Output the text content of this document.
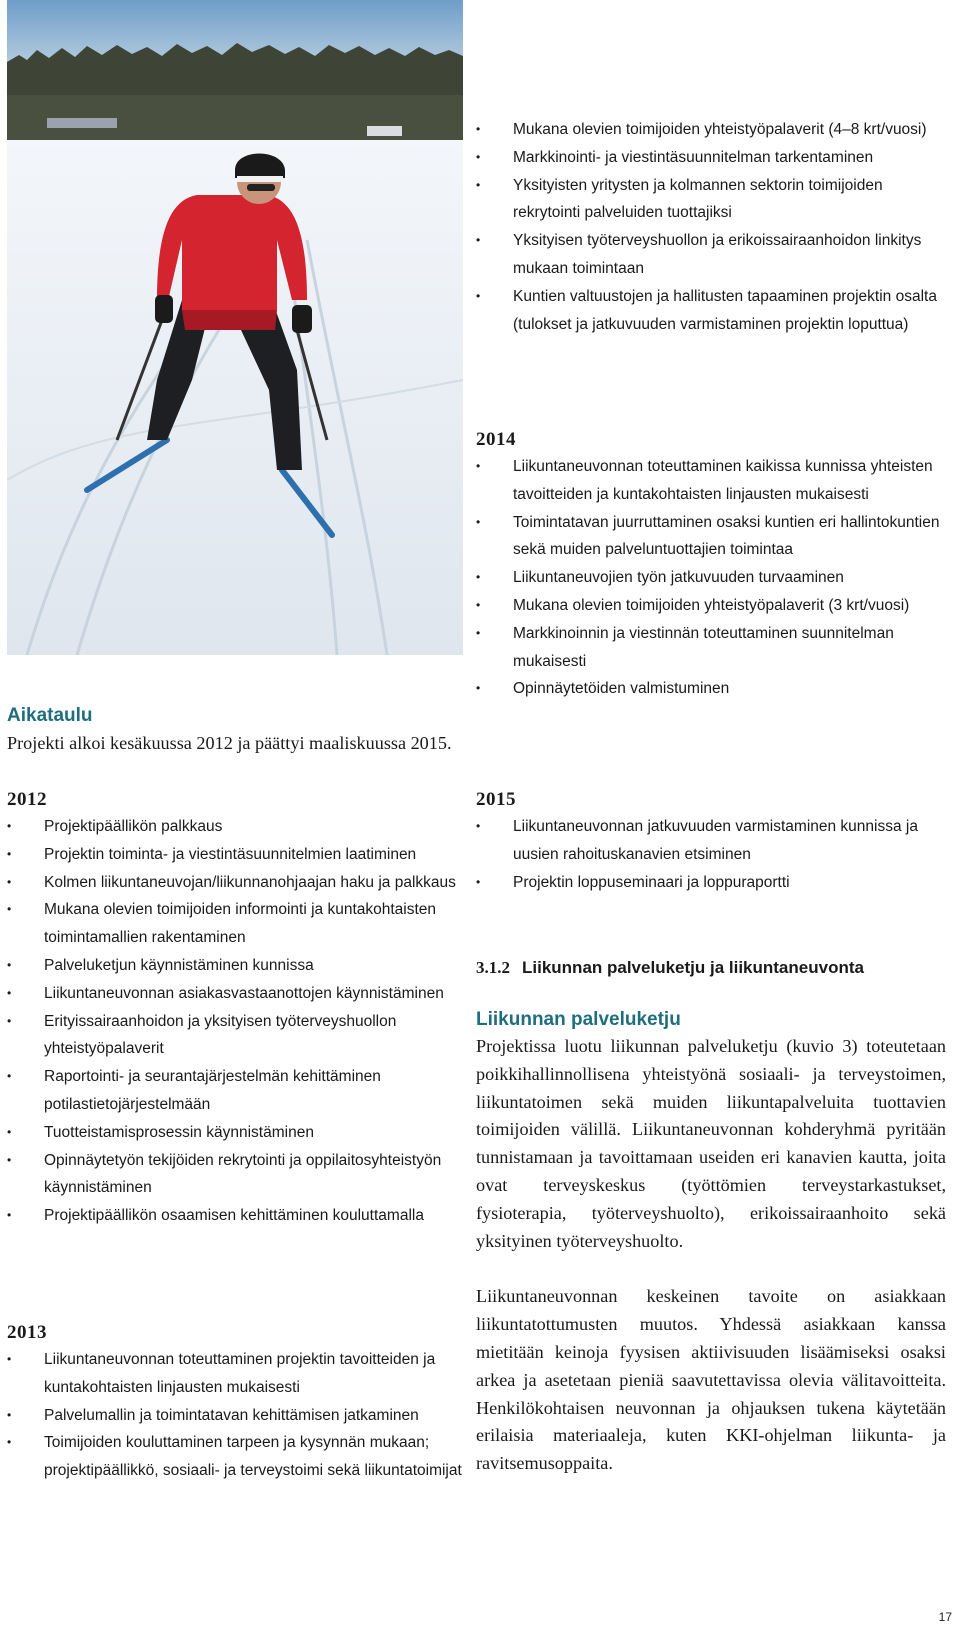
• Mukana olevien toimijoiden yhteistyöpalaverit (4–8 krt/vuosi)
• Markkinointi- ja viestintäsuunnitelman tarkentaminen
• Yksityisten yritysten ja kolmannen sektorin toimijoiden rekrytointi palveluiden tuottajiksi
• Yksityisen työterveyshuollon ja erikoissairaanhoidon linkitys mukaan toimintaan
• Kuntien valtuustojen ja hallitusten tapaaminen projektin osalta (tulokset ja jatkuvuuden varmistaminen projektin loputtua)
2014
• Liikuntaneuvonnan toteuttaminen kaikissa kunnissa yhteisten tavoitteiden ja kuntakohtaisten linjausten mukaisesti
• Toimintatavan juurruttaminen osaksi kuntien eri hallintokuntien sekä muiden palveluntuottajien toimintaa
• Liikuntaneuvojien työn jatkuvuuden turvaaminen
• Mukana olevien toimijoiden yhteistyöpalaverit (3 krt/vuosi)
• Markkinoinnin ja viestinnän toteuttaminen suunnitelman mukaisesti
• Opinnäytetöiden valmistuminen
Aikataulu

Projekti alkoi kesäkuussa 2012 ja päättyi maaliskuussa 2015.

2012
• Projektipäällikön palkkaus
• Projektin toiminta- ja viestintäsuunnitelmien laatiminen
• Kolmen liikuntaneuvojan/liikunnanohjaajan haku ja palkkaus
• Mukana olevien toimijoiden informointi ja kuntakohtaisten toimintamallien rakentaminen
• Palveluketjun käynnistäminen kunnissa
• Liikuntaneuvonnan asiakasvastaanottojen käynnistäminen
• Erityissairaanhoidon ja yksityisen työterveyshuollon yhteistyöpalaverit
• Raportointi- ja seurantajärjestelmän kehittäminen potilastietojärjestelmään
• Tuotteistamisprosessin käynnistäminen
• Opinnäytetyön tekijöiden rekrytointi ja oppilaitosyhteistyön käynnistäminen
• Projektipäällikön osaamisen kehittäminen kouluttamalla
2013
• Liikuntaneuvonnan toteuttaminen projektin tavoitteiden ja kuntakohtaisten linjausten mukaisesti
• Palvelumallin ja toimintatavan kehittämisen jatkaminen
• Toimijoiden kouluttaminen tarpeen ja kysynnän mukaan; projektipäällikkö, sosiaali- ja terveystoimi sekä liikuntatoimijat
2015
• Liikuntaneuvonnan jatkuvuuden varmistaminen kunnissa ja uusien rahoituskanavien etsiminen
• Projektin loppuseminaari ja loppuraportti
3.1.2 Liikunnan palveluketju ja liikuntaneuvonta
Liikunnan palveluketju

Projektissa luotu liikunnan palveluketju (kuvio 3) toteutetaan poikkihallinnollisena yhteistyönä sosiaali- ja terveystoimen, liikuntatoimen sekä muiden liikuntapalveluita tuottavien toimijoiden välillä. Liikuntaneuvonnan kohderyhmä pyritään tunnistamaan ja tavoittamaan useiden eri kanavien kautta, joita ovat terveyskeskus (työttömien terveystarkastukset, fysioterapia, työterveyshuolto), erikoissairaanhoito sekä yksityinen työterveyshuolto.

Liikuntaneuvonnan keskeinen tavoite on asiakkaan liikuntatottumusten muutos. Yhdessä asiakkaan kanssa mietitään keinoja fyysisen aktiivisuuden lisäämiseksi osaksi arkea ja asetetaan pieniä saavutettavissa olevia välitavoitteita. Henkilökohtaisen neuvonnan ja ohjauksen tukena käytetään erilaisia materiaaleja, kuten KKI-ohjelman liikunta- ja ravitsemusoppaita.

17
